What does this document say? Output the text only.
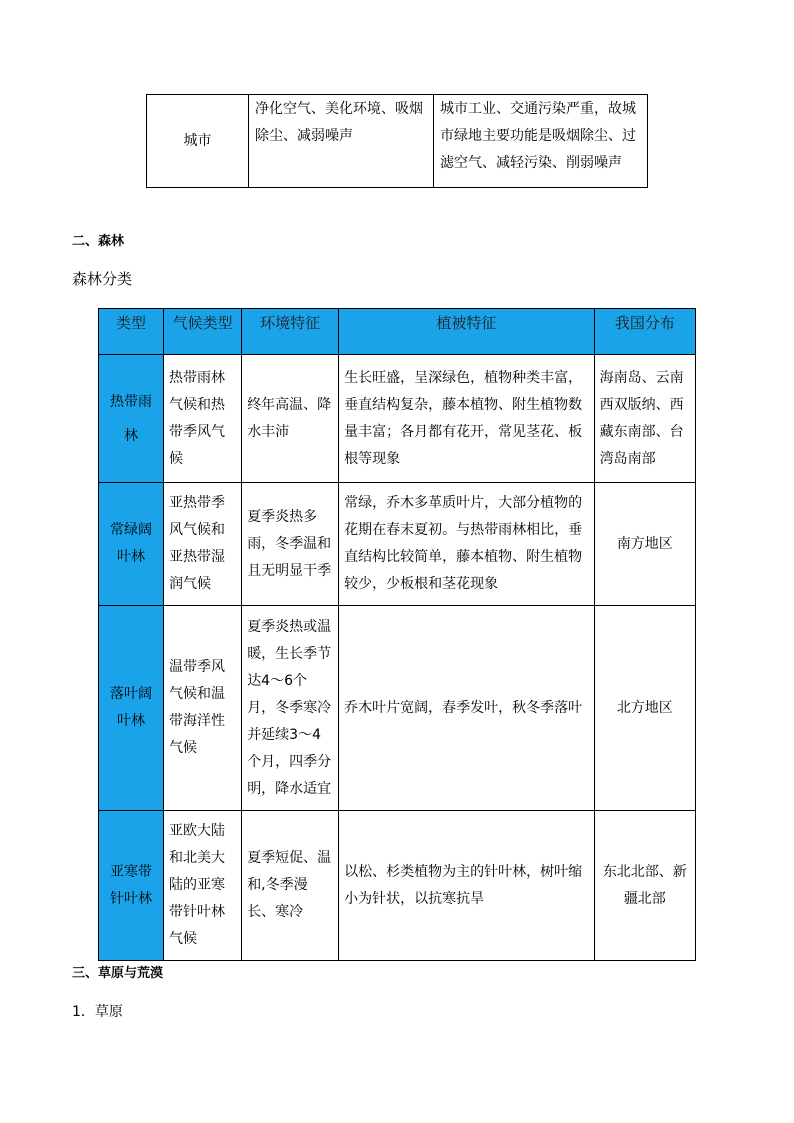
城市	净化空气、美化环境、吸烟除尘、减弱噪声	城市工业、交通污染严重，故城市绿地主要功能是吸烟除尘、过滤空气、减轻污染、削弱噪声
二、森林
森林分类
类型	气候类型	环境特征	植被特征	我国分布
热带雨林	热带雨林气候和热带季风气候	终年高温、降水丰沛	生长旺盛，呈深绿色，植物种类丰富，垂直结构复杂，藤本植物、附生植物数量丰富；各月都有花开，常见茎花、板根等现象	海南岛、云南西双版纳、西藏东南部、台湾岛南部
常绿阔叶林	亚热带季风气候和亚热带湿润气候	夏季炎热多雨，冬季温和且无明显干季	常绿，乔木多革质叶片，大部分植物的花期在春末夏初。与热带雨林相比，垂直结构比较简单，藤本植物、附生植物较少，少板根和茎花现象	南方地区
落叶阔叶林	温带季风气候和温带海洋性气候	夏季炎热或温暖，生长季节达4～6个月，冬季寒冷并延续3～4个月，四季分明，降水适宜	乔木叶片宽阔，春季发叶，秋冬季落叶	北方地区
亚寒带针叶林	亚欧大陆和北美大陆的亚寒带针叶林气候	夏季短促、温和,冬季漫长、寒冷	以松、杉类植物为主的针叶林，树叶缩小为针状，以抗寒抗旱	东北北部、新疆北部
三、草原与荒漠
1．草原
